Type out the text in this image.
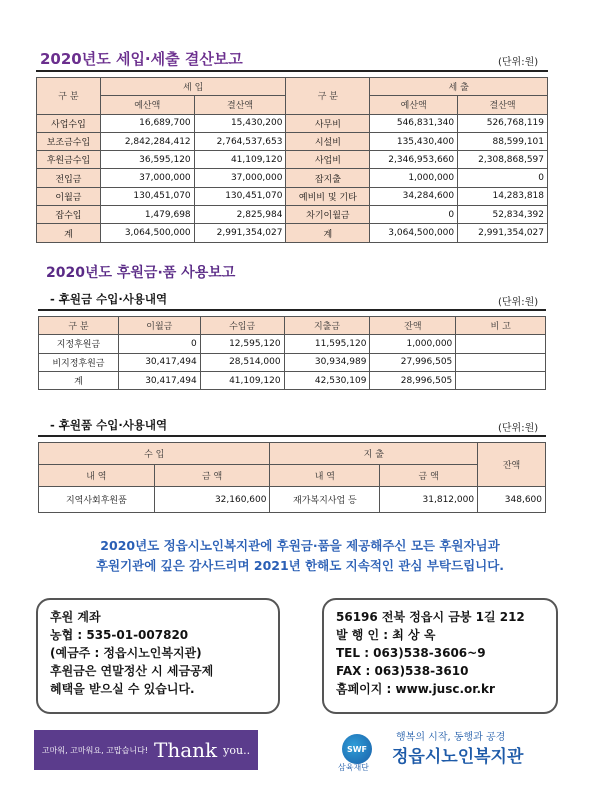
2020년도 세입·세출 결산보고	(단위:원)
구 분	세 입		구 분	세 출	
	예산액	결산액		예산액	결산액
사업수입	16,689,700	15,430,200	사무비	546,831,340	526,768,119
보조금수입	2,842,284,412	2,764,537,653	시설비	135,430,400	88,599,101
후원금수입	36,595,120	41,109,120	사업비	2,346,953,660	2,308,868,597
전입금	37,000,000	37,000,000	잡지출	1,000,000	0
이월금	130,451,070	130,451,070	예비비 및 기타	34,284,600	14,283,818
잡수입	1,479,698	2,825,984	차기이월금	0	52,834,392
계	3,064,500,000	2,991,354,027	계	3,064,500,000	2,991,354,027
2020년도 후원금·품 사용보고
- 후원금 수입·사용내역	(단위:원)
구 분	이월금	수입금	지출금	잔액	비 고
지정후원금	0	12,595,120	11,595,120	1,000,000	
비지정후원금	30,417,494	28,514,000	30,934,989	27,996,505	
계	30,417,494	41,109,120	42,530,109	28,996,505	
- 후원품 수입·사용내역	(단위:원)
수 입		지 출		잔액
내 역	금 액	내 역	금 액	
지역사회후원품	32,160,600	재가복지사업 등	31,812,000	348,600
2020년도 정읍시노인복지관에 후원금·품을 제공해주신 모든 후원자님과
후원기관에 깊은 감사드리며 2021년 한해도 지속적인 관심 부탁드립니다.
후원 계좌
농협 : 535-01-007820
(예금주 : 정읍시노인복지관)
후원금은 연말정산 시 세금공제
혜택을 받으실 수 있습니다.
56196 전북 정읍시 금붕 1길 212
발 행 인 : 최 상 옥
TEL : 063)538-3606~9
FAX : 063)538-3610
홈페이지 : www.jusc.or.kr
고마워, 고마워요, 고맙습니다! Thank you..	SWF
행복의 시작, 동행과 공경
삼육재단
정읍시노인복지관
